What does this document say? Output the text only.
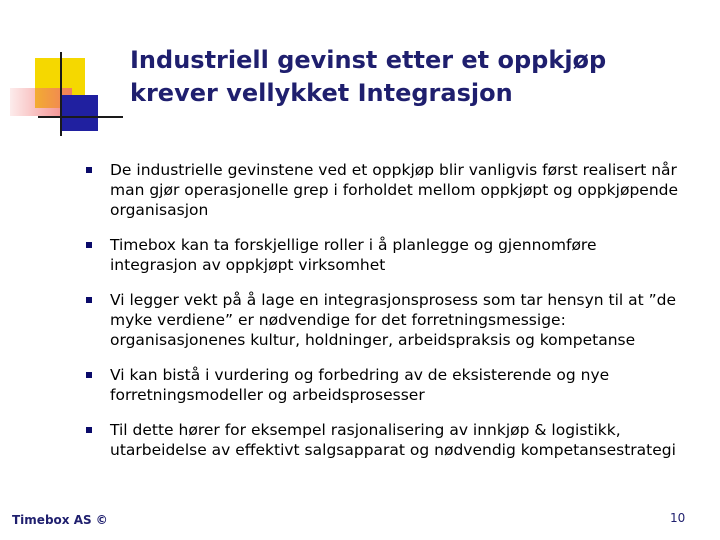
Industriell gevinst etter et oppkjøp
krever vellykket Integrasjon
De industrielle gevinstene ved et oppkjøp blir vanligvis først realisert når man gjør operasjonelle grep i forholdet mellom oppkjøpt og oppkjøpende organisasjon
Timebox kan ta forskjellige roller i å planlegge og gjennomføre integrasjon av oppkjøpt virksomhet
Vi legger vekt på å lage en integrasjonsprosess som tar hensyn til at ”de myke verdiene” er nødvendige for det forretningsmessige: organisasjonenes kultur, holdninger, arbeidspraksis og kompetanse
Vi kan bistå i vurdering og forbedring av de eksisterende og nye forretningsmodeller og arbeidsprosesser
Til dette hører for eksempel rasjonalisering av innkjøp & logistikk, utarbeidelse av effektivt salgsapparat og nødvendig kompetansestrategi
Timebox AS ©	10
